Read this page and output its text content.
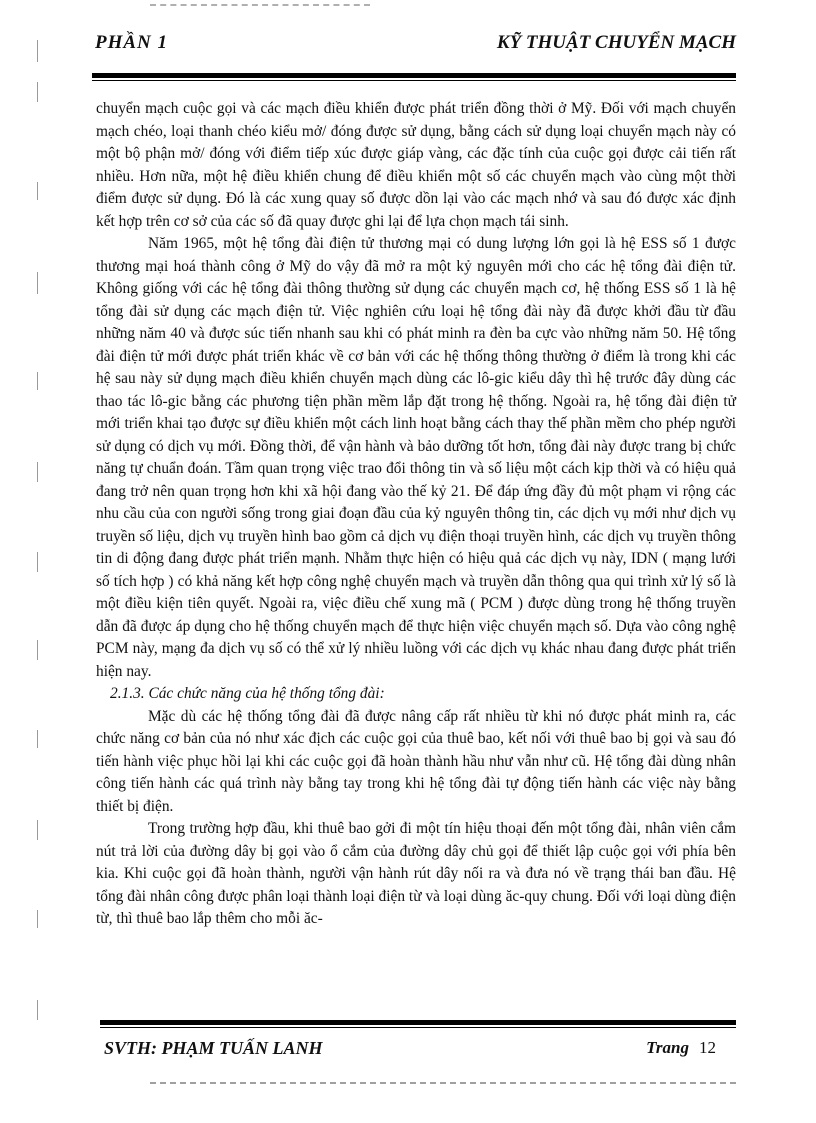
PHẦN 1	KỸ THUẬT CHUYỂN MẠCH

chuyển mạch cuộc gọi và các mạch điều khiển được phát triển đồng thời ở Mỹ. Đối với mạch chuyển mạch chéo, loại thanh chéo kiểu mở/ đóng được sử dụng, bằng cách sử dụng loại chuyển mạch này có một bộ phận mở/ đóng với điểm tiếp xúc được giáp vàng, các đặc tính của cuộc gọi được cải tiến rất nhiều. Hơn nữa, một hệ điều khiển chung để điều khiển một số các chuyển mạch vào cùng một thời điểm được sử dụng. Đó là các xung quay số được dồn lại vào các mạch nhớ và sau đó được xác định kết hợp trên cơ sở của các số đã quay được ghi lại để lựa chọn mạch tái sinh.

Năm 1965, một hệ tổng đài điện tử thương mại có dung lượng lớn gọi là hệ ESS số 1 được thương mại hoá thành công ở Mỹ do vậy đã mở ra một kỷ nguyên mới cho các hệ tổng đài điện tử. Không giống với các hệ tổng đài thông thường sử dụng các chuyển mạch cơ, hệ thống ESS số 1 là hệ tổng đài sử dụng các mạch điện tử. Việc nghiên cứu loại hệ tổng đài này đã được khởi đầu từ đầu những năm 40 và được súc tiến nhanh sau khi có phát minh ra đèn ba cực vào những năm 50. Hệ tổng đài điện tử mới được phát triển khác về cơ bản với các hệ thống thông thường ở điểm là trong khi các hệ sau này sử dụng mạch điều khiển chuyển mạch dùng các lô-gic kiểu dây thì hệ trước đây dùng các thao tác lô-gic bằng các phương tiện phần mềm lắp đặt trong hệ thống. Ngoài ra, hệ tổng đài điện tử mới triển khai tạo được sự điều khiển một cách linh hoạt bằng cách thay thế phần mềm cho phép người sử dụng có dịch vụ mới. Đồng thời, để vận hành và bảo dưỡng tốt hơn, tổng đài này được trang bị chức năng tự chuẩn đoán. Tầm quan trọng việc trao đổi thông tin và số liệu một cách kịp thời và có hiệu quả đang trở nên quan trọng hơn khi xã hội đang vào thế kỷ 21. Để đáp ứng đầy đủ một phạm vi rộng các nhu cầu của con người sống trong giai đoạn đầu của kỷ nguyên thông tin, các dịch vụ mới như dịch vụ truyền số liệu, dịch vụ truyền hình bao gồm cả dịch vụ điện thoại truyền hình, các dịch vụ truyền thông tin di động đang được phát triển mạnh. Nhằm thực hiện có hiệu quả các dịch vụ này, IDN ( mạng lưới số tích hợp ) có khả năng kết hợp công nghệ chuyển mạch và truyền dẫn thông qua qui trình xử lý số là một điều kiện tiên quyết. Ngoài ra, việc điều chế xung mã ( PCM ) được dùng trong hệ thống truyền dẫn đã được áp dụng cho hệ thống chuyển mạch để thực hiện việc chuyển mạch số. Dựa vào công nghệ PCM này, mạng đa dịch vụ số có thể xử lý nhiều luồng với các dịch vụ khác nhau đang được phát triển hiện nay.

2.1.3. Các chức năng của hệ thống tổng đài:

Mặc dù các hệ thống tổng đài đã được nâng cấp rất nhiều từ khi nó được phát minh ra, các chức năng cơ bản của nó như xác địch các cuộc gọi của thuê bao, kết nối với thuê bao bị gọi và sau đó tiến hành việc phục hồi lại khi các cuộc gọi đã hoàn thành hầu như vẫn như cũ. Hệ tổng đài dùng nhân công tiến hành các quá trình này bằng tay trong khi hệ tổng đài tự động tiến hành các việc này bằng thiết bị điện.

Trong trường hợp đầu, khi thuê bao gởi đi một tín hiệu thoại đến một tổng đài, nhân viên cắm nút trả lời của đường dây bị gọi vào ổ cắm của đường dây chủ gọi để thiết lập cuộc gọi với phía bên kia. Khi cuộc gọi đã hoàn thành, người vận hành rút dây nối ra và đưa nó về trạng thái ban đầu. Hệ tổng đài nhân công được phân loại thành loại điện từ và loại dùng ăc-quy chung. Đối với loại dùng điện từ, thì thuê bao lắp thêm cho mỗi ăc-

SVTH: PHẠM TUẤN LANH	Trang 12
